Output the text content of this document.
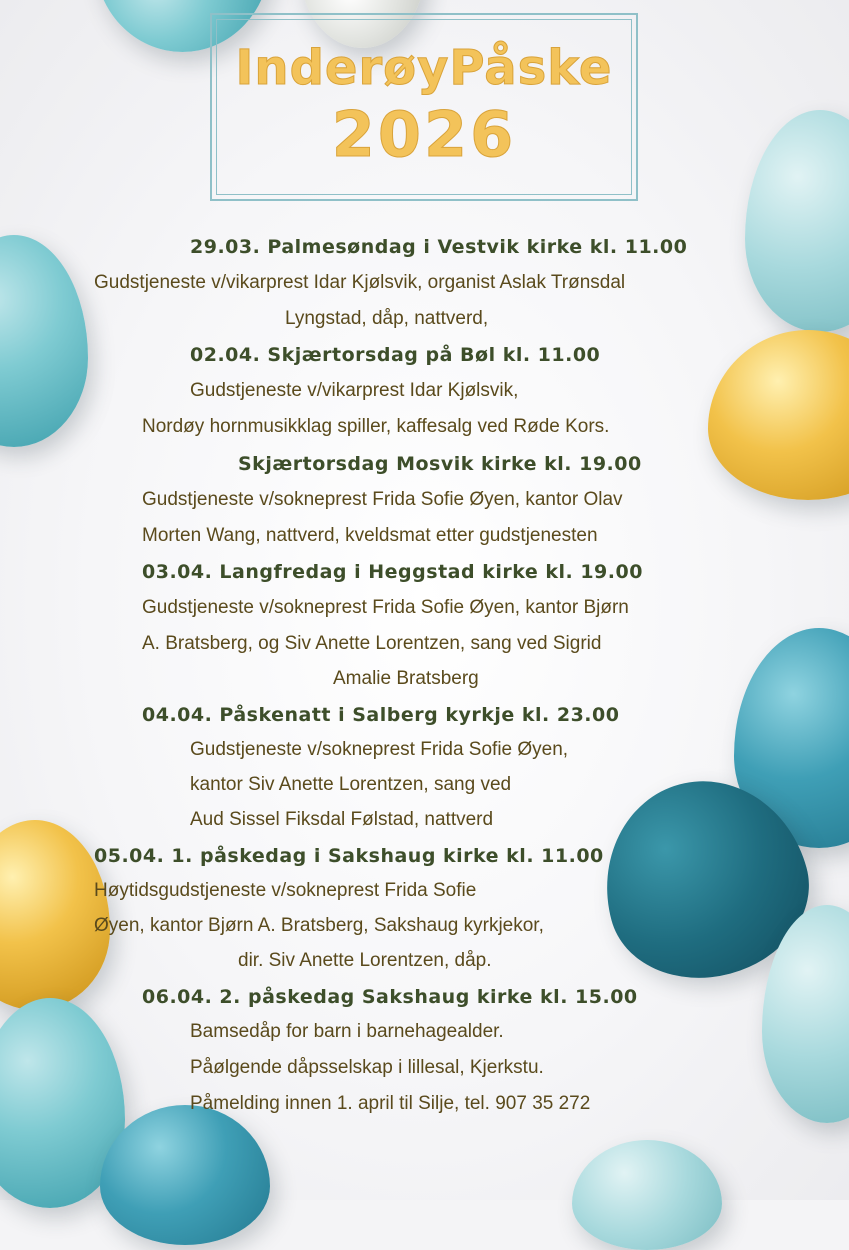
InderøyPåske
2026
29.03. Palmesøndag i Vestvik kirke kl. 11.00
Gudstjeneste v/vikarprest Idar Kjølsvik, organist Aslak Trønsdal
Lyngstad, dåp, nattverd,
02.04. Skjærtorsdag på Bøl kl. 11.00
Gudstjeneste v/vikarprest Idar Kjølsvik,
Nordøy hornmusikklag spiller, kaffesalg ved Røde Kors.
Skjærtorsdag Mosvik kirke kl. 19.00
Gudstjeneste v/sokneprest Frida Sofie Øyen, kantor Olav
Morten Wang, nattverd, kveldsmat etter gudstjenesten
03.04. Langfredag i Heggstad kirke kl. 19.00
Gudstjeneste v/sokneprest Frida Sofie Øyen, kantor Bjørn
A. Bratsberg, og Siv Anette Lorentzen, sang ved Sigrid
Amalie Bratsberg
04.04. Påskenatt i Salberg kyrkje kl. 23.00
Gudstjeneste v/sokneprest Frida Sofie Øyen,
kantor Siv Anette Lorentzen, sang ved
Aud Sissel Fiksdal Følstad, nattverd
05.04. 1. påskedag i Sakshaug kirke kl. 11.00
Høytidsgudstjeneste v/sokneprest Frida Sofie
Øyen, kantor Bjørn A. Bratsberg, Sakshaug kyrkjekor,
dir. Siv Anette Lorentzen, dåp.
06.04. 2. påskedag Sakshaug kirke kl. 15.00
Bamsedåp for barn i barnehagealder.
Påølgende dåpsselskap i lillesal, Kjerkstu.
Påmelding innen 1. april til Silje, tel. 907 35 272
